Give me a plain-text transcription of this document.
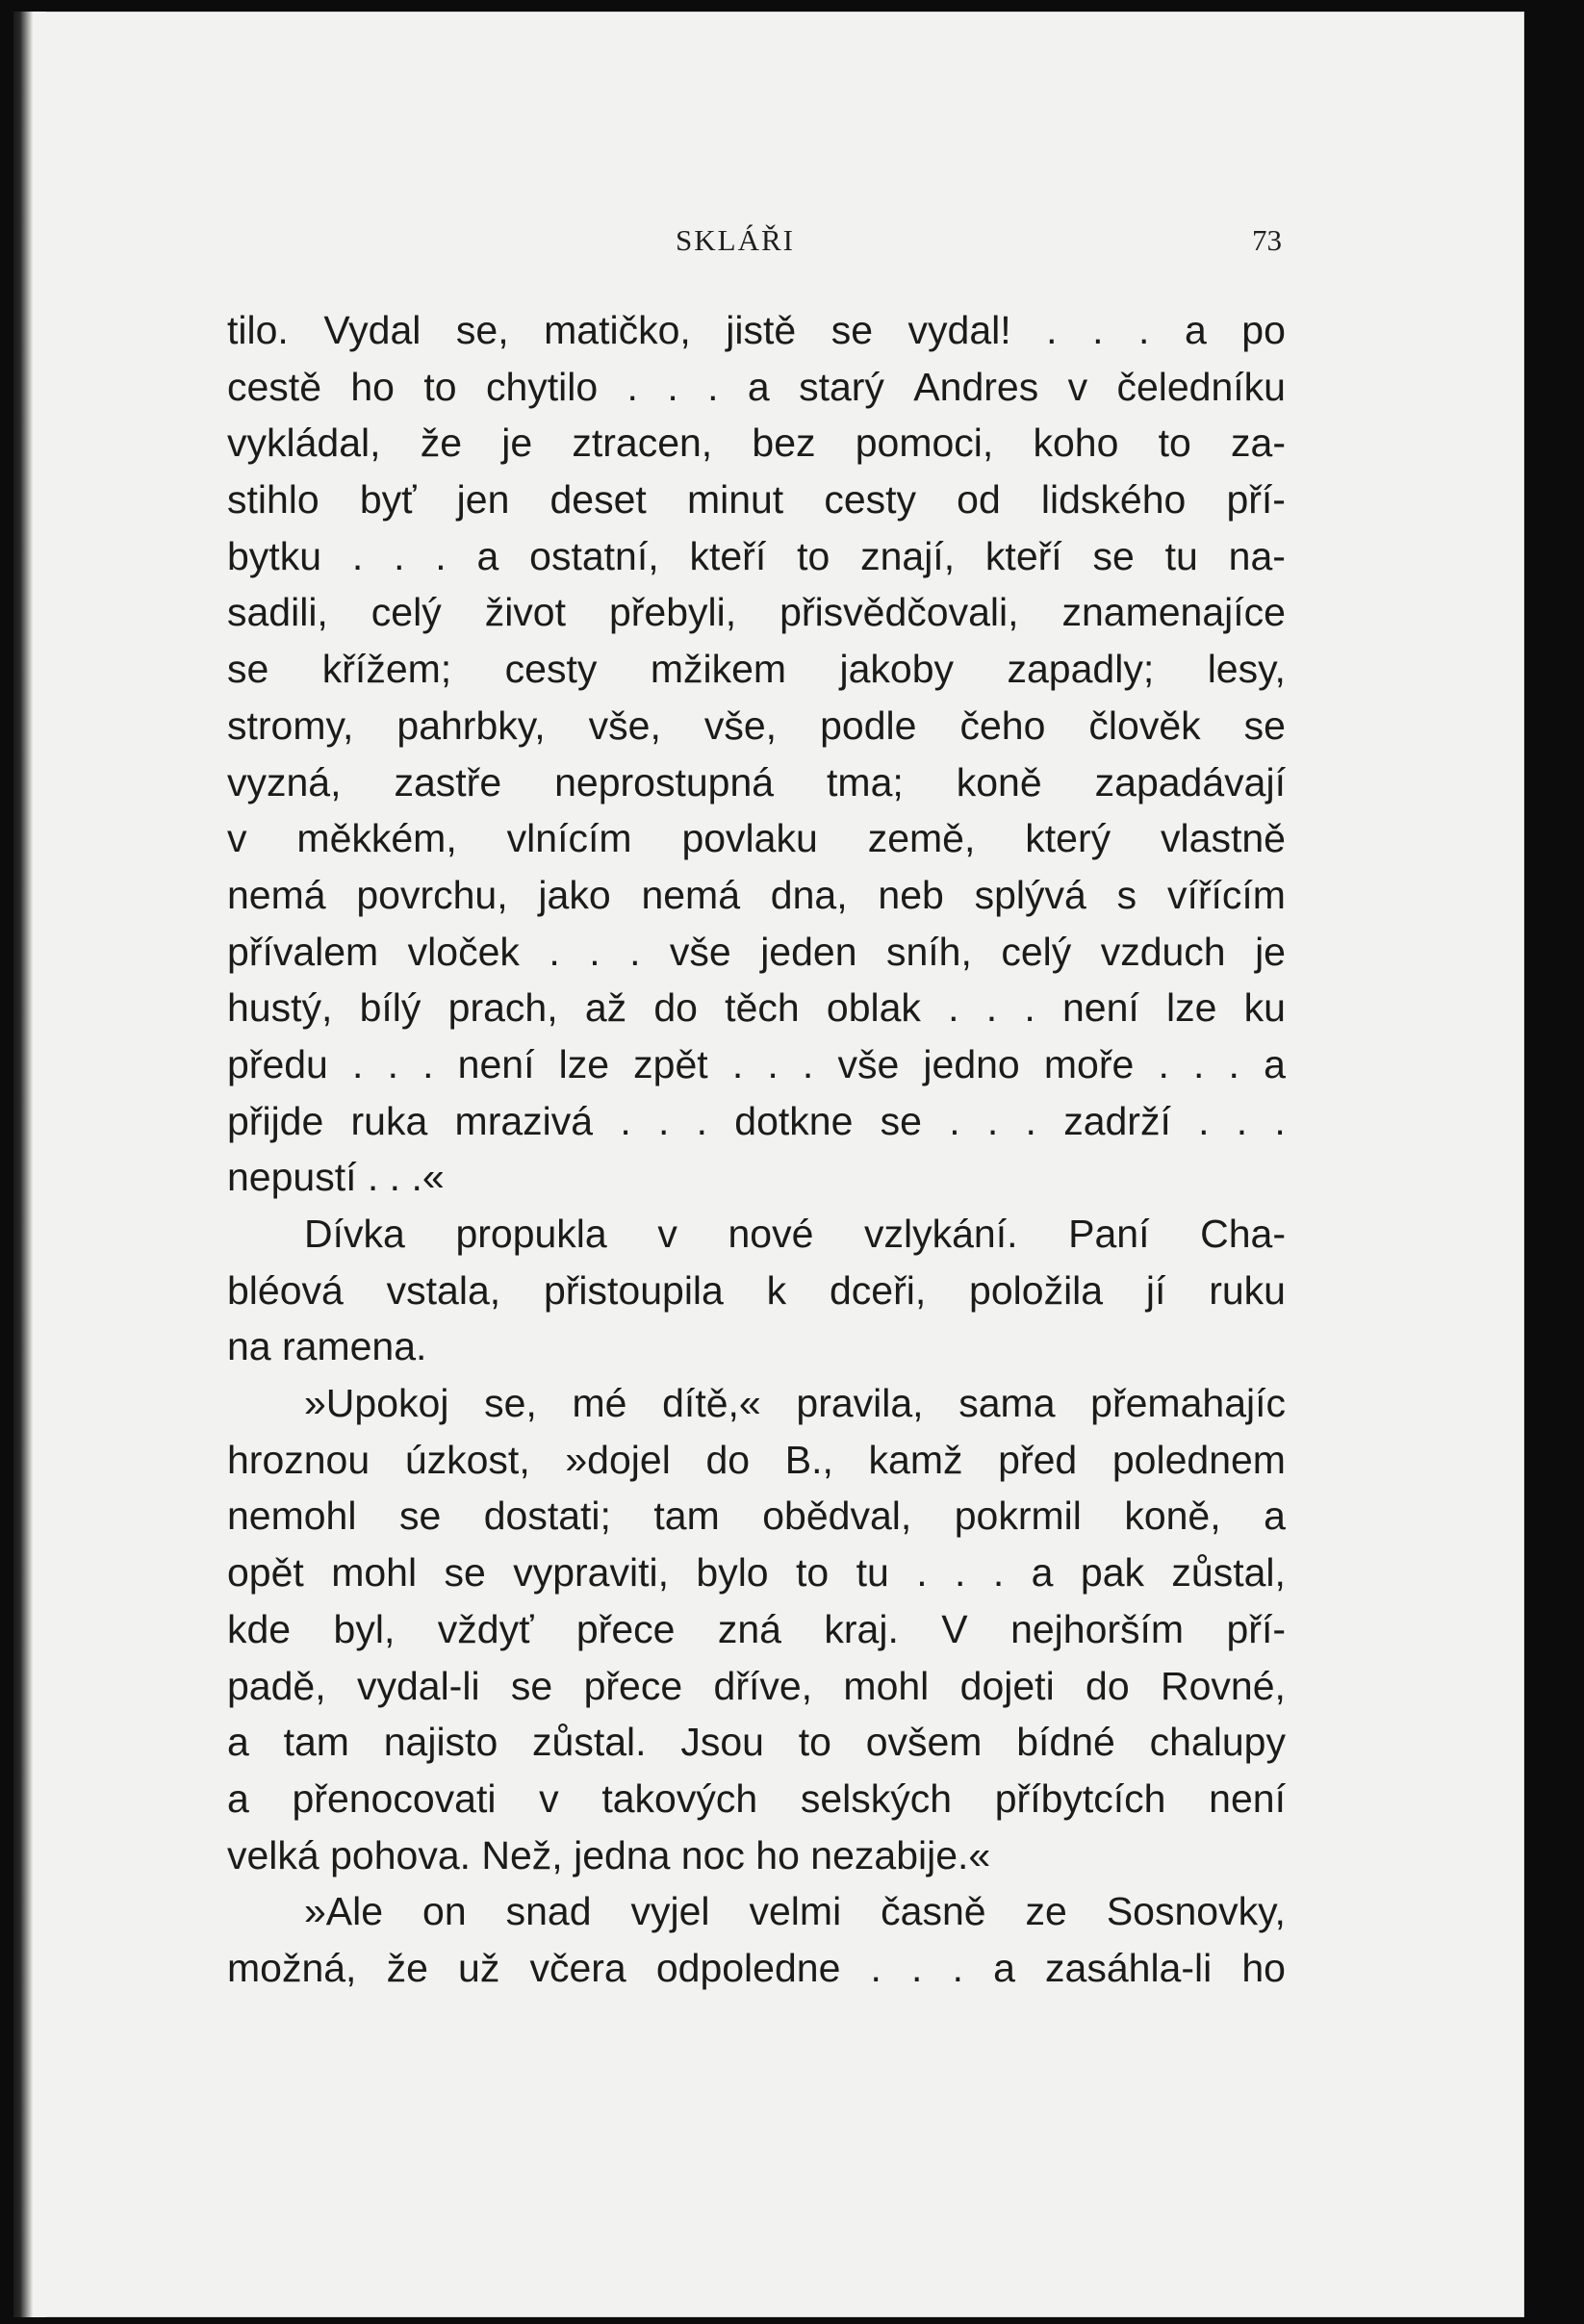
SKLÁŘI	73
tilo. Vydal se, matičko, jistě se vydal! . . . a po
cestě ho to chytilo . . . a starý Andres v čeledníku
vykládal, že je ztracen, bez pomoci, koho to za-
stihlo byť jen deset minut cesty od lidského pří-
bytku . . . a ostatní, kteří to znají, kteří se tu na-
sadili, celý život přebyli, přisvědčovali, znamenajíce
se křížem; cesty mžikem jakoby zapadly; lesy,
stromy, pahrbky, vše, vše, podle čeho člověk se
vyzná, zastře neprostupná tma; koně zapadávají
v měkkém, vlnícím povlaku země, který vlastně
nemá povrchu, jako nemá dna, neb splývá s vířícím
přívalem vloček . . . vše jeden sníh, celý vzduch je
hustý, bílý prach, až do těch oblak . . . není lze ku
předu . . . není lze zpět . . . vše jedno moře . . . a
přijde ruka mrazivá . . . dotkne se . . . zadrží . . .
nepustí . . .«
Dívka propukla v nové vzlykání. Paní Cha-
bléová vstala, přistoupila k dceři, položila jí ruku
na ramena.
»Upokoj se, mé dítě,« pravila, sama přemahajíc
hroznou úzkost, »dojel do B., kamž před polednem
nemohl se dostati; tam obědval, pokrmil koně, a
opět mohl se vypraviti, bylo to tu . . . a pak zůstal,
kde byl, vždyť přece zná kraj. V nejhorším pří-
padě, vydal-li se přece dříve, mohl dojeti do Rovné,
a tam najisto zůstal. Jsou to ovšem bídné chalupy
a přenocovati v takových selských příbytcích není
velká pohova. Než, jedna noc ho nezabije.«
»Ale on snad vyjel velmi časně ze Sosnovky,
možná, že už včera odpoledne . . . a zasáhla-li ho
